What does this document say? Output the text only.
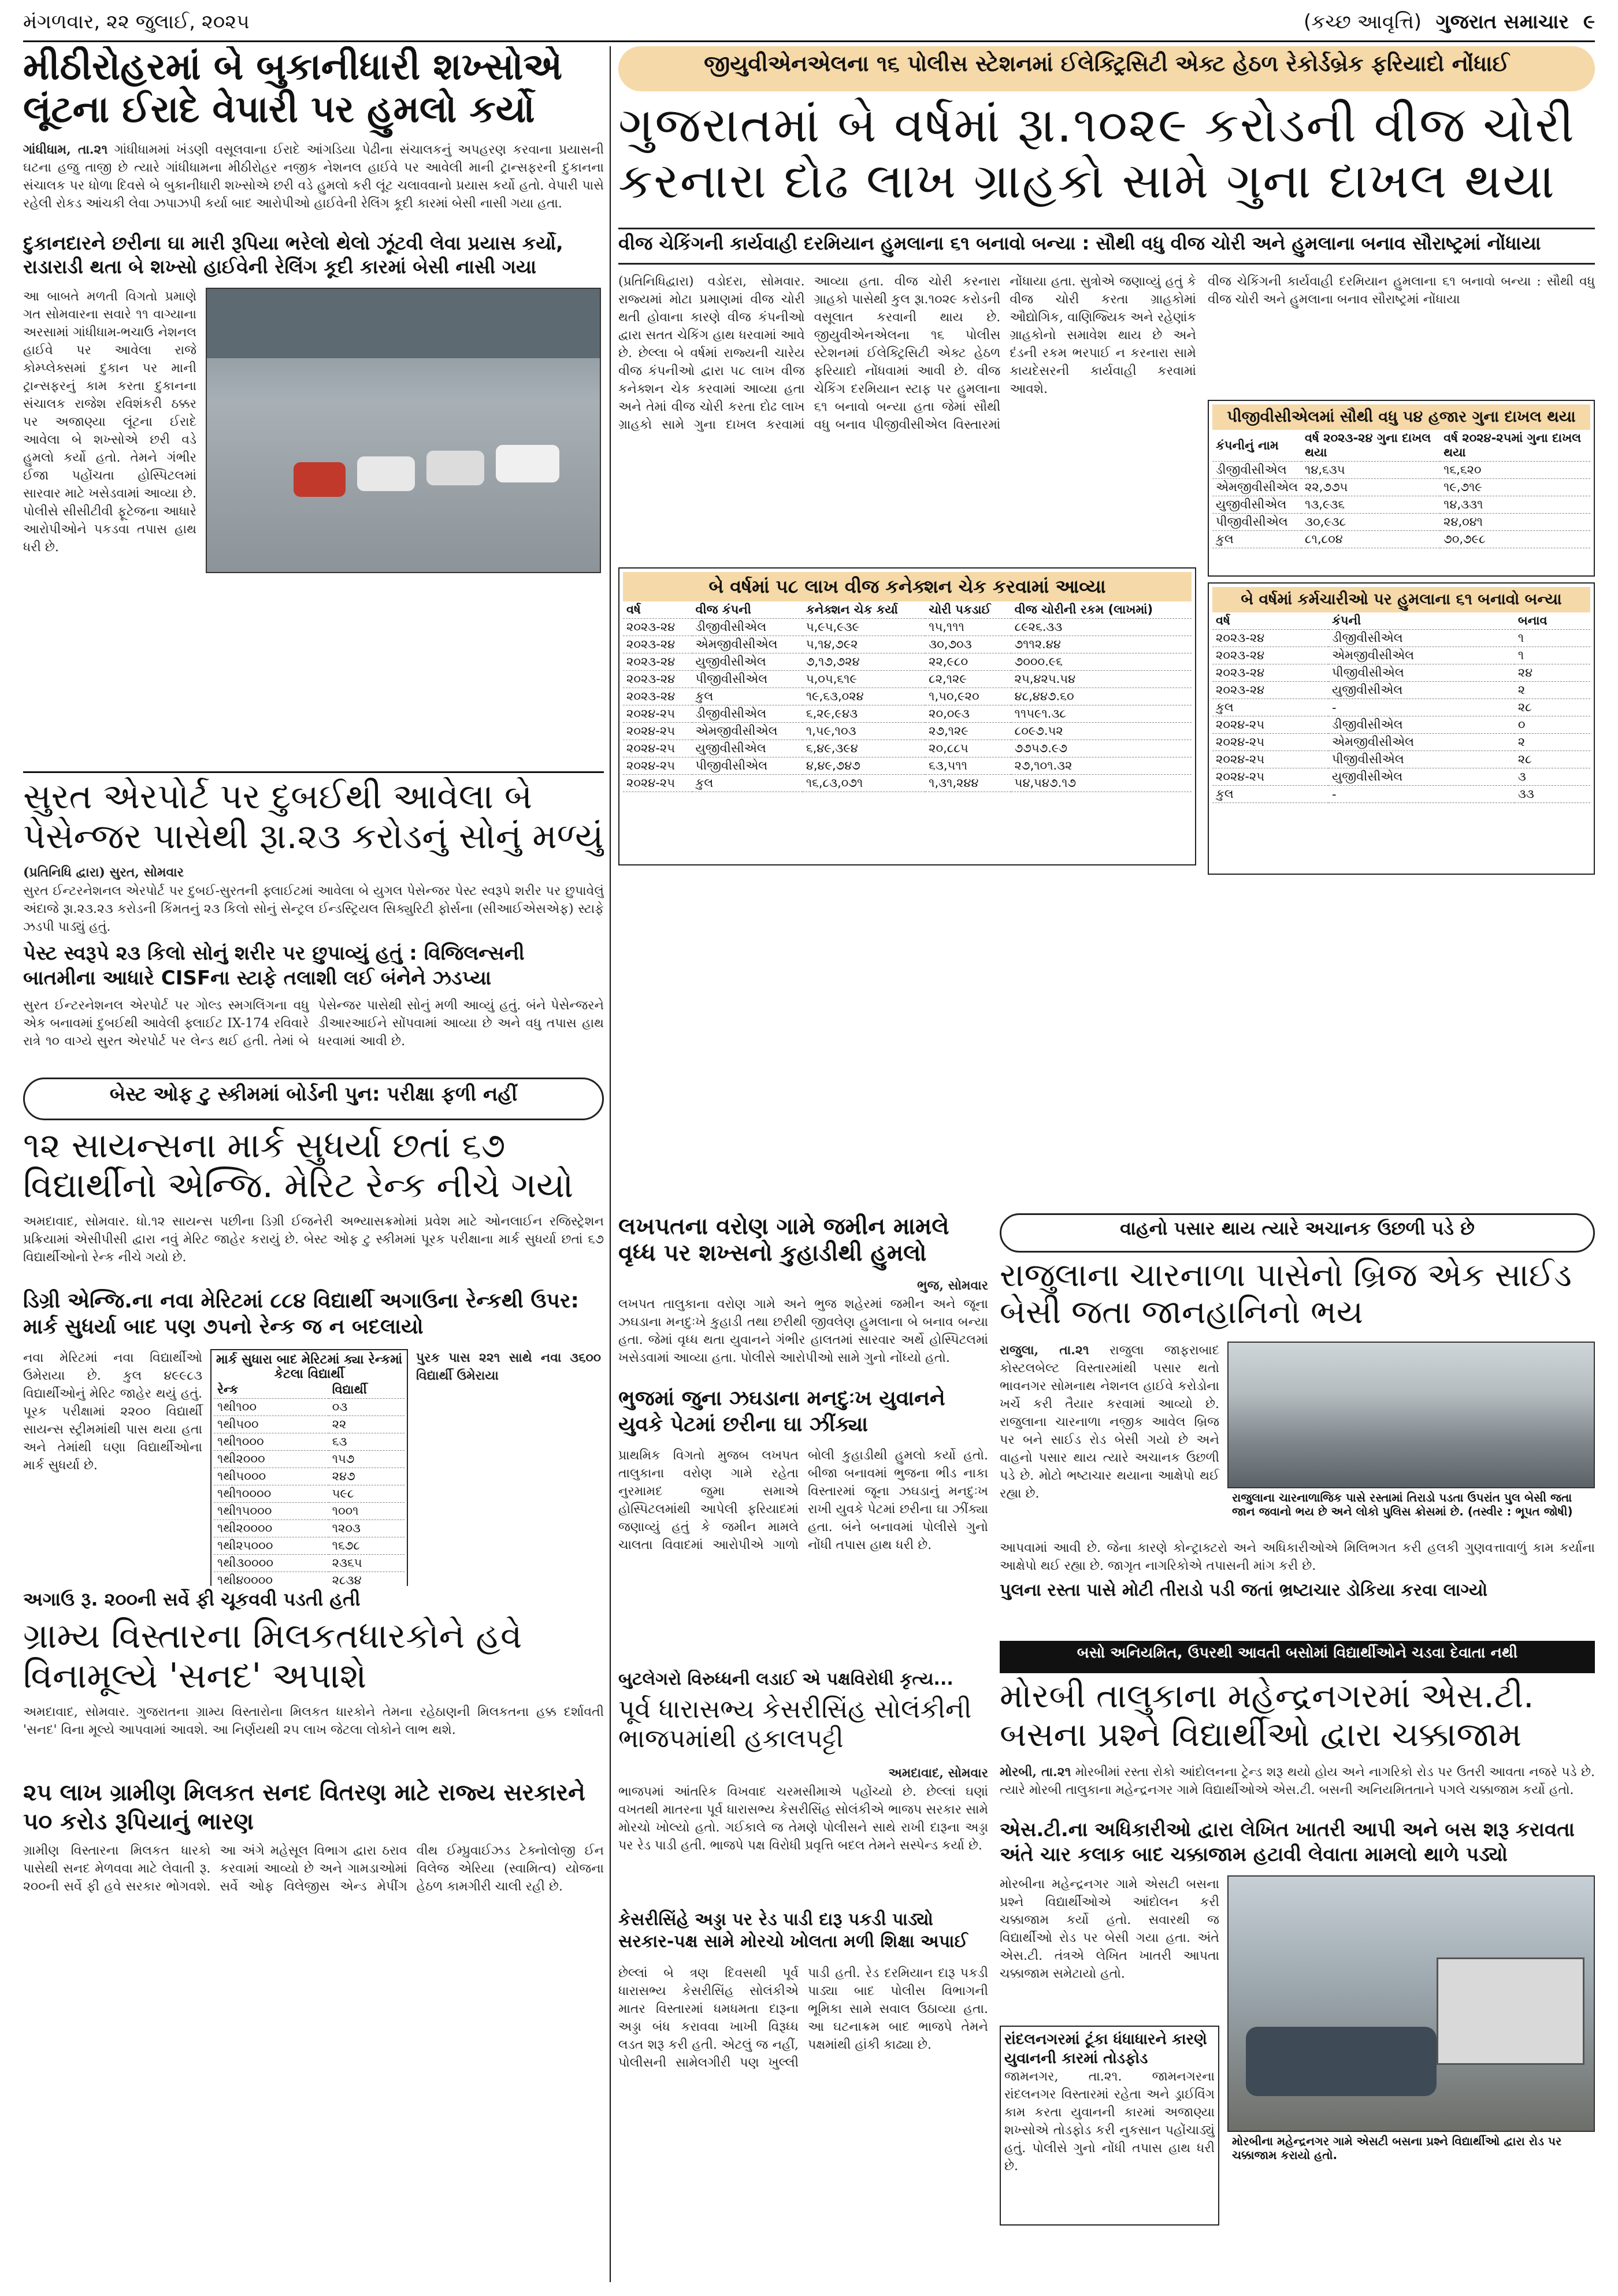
મંગળવાર, ૨૨ જુલાઈ, ૨૦૨૫	(કચ્છ આવૃત્તિ) ગુજરાત સમાચાર ૯
મીઠીરોહરમાં બે બુકાનીધારી શખ્સોએ લૂંટના ઈરાદે વેપારી પર હુમલો કર્યો
ગાંધીધામ, તા.૨૧ ગાંધીધામમાં ખંડણી વસૂલવાના ઈરાદે આંગડિયા પેઢીના સંચાલકનું અપહરણ કરવાના પ્રયાસની ઘટના હજુ તાજી છે ત્યારે ગાંધીધામના મીઠીરોહર નજીક નેશનલ હાઈવે પર આવેલી માની ટ્રાન્સફરની દુકાનના સંચાલક પર ધોળા દિવસે બે બુકાનીધારી શખ્સોએ છરી વડે હુમલો કરી લૂંટ ચલાવવાનો પ્રયાસ કર્યો હતો. વેપારી પાસે રહેલી રોકડ આંચકી લેવા ઝપાઝપી કર્યા બાદ આરોપીઓ હાઈવેની રેલિંગ કૂદી કારમાં બેસી નાસી ગયા હતા.
દુકાનદારને છરીના ઘા મારી રૂપિયા ભરેલો થેલો ઝૂંટવી લેવા પ્રયાસ કર્યો, રાડારાડી થતા બે શખ્સો હાઈવેની રેલિંગ કૂદી કારમાં બેસી નાસી ગયા
આ બાબતે મળતી વિગતો પ્રમાણે ગત સોમવારના સવારે ૧૧ વાગ્યાના અરસામાં ગાંધીધામ-ભચાઉ નેશનલ હાઈવે પર આવેલા રાજે કોમ્પ્લેક્સમાં દુકાન પર માની ટ્રાન્સફરનું કામ કરતા દુકાનના સંચાલક રાજેશ રવિશંકરી ઠક્કર પર અજાણ્યા લૂંટના ઈરાદે આવેલા બે શખ્સોએ છરી વડે હુમલો કર્યો હતો. તેમને ગંભીર ઈજા પહોંચતા હોસ્પિટલમાં સારવાર માટે ખસેડવામાં આવ્યા છે. પોલીસે સીસીટીવી ફૂટેજના આધારે આરોપીઓને પકડવા તપાસ હાથ ધરી છે.
સુરત એરપોર્ટ પર દુબઈથી આવેલા બે પેસેન્જર પાસેથી રૂા.૨૩ કરોડનું સોનું મળ્યું
(પ્રતિનિધિ દ્વારા) સુરત, સોમવાર
સુરત ઈન્ટરનેશનલ એરપોર્ટ પર દુબઈ-સુરતની ફ્લાઈટમાં આવેલા બે યુગલ પેસેન્જર પેસ્ટ સ્વરૂપે શરીર પર છુપાવેલું અંદાજે રૂા.૨૩.૨૩ કરોડની કિંમતનું ૨૩ કિલો સોનું સેન્ટ્રલ ઈન્ડસ્ટ્રિયલ સિક્યુરિટી ફોર્સના (સીઆઈએસએફ) સ્ટાફે ઝડપી પાડ્યું હતું.
પેસ્ટ સ્વરૂપે ૨૩ કિલો સોનું શરીર પર છુપાવ્યું હતું : વિજિલન્સની બાતમીના આધારે CISFના સ્ટાફે તલાશી લઈ બંનેને ઝડપ્યા
સુરત ઈન્ટરનેશનલ એરપોર્ટ પર ગોલ્ડ સ્મગલિંગના વધુ એક બનાવમાં દુબઈથી આવેલી ફ્લાઈટ IX-174 રવિવારે રાત્રે ૧૦ વાગ્યે સુરત એરપોર્ટ પર લેન્ડ થઈ હતી. તેમાં બે પેસેન્જર પાસેથી સોનું મળી આવ્યું હતું. બંને પેસેન્જરને ડીઆરઆઈને સોંપવામાં આવ્યા છે અને વધુ તપાસ હાથ ધરવામાં આવી છે.
બેસ્ટ ઓફ ટુ સ્કીમમાં બોર્ડની પુન: પરીક્ષા ફળી નહીં
૧૨ સાયન્સના માર્ક સુધર્યા છતાં ૬૭ વિદ્યાર્થીનો એન્જિ. મેરિટ રેન્ક નીચે ગયો
અમદાવાદ, સોમવાર. ધો.૧૨ સાયન્સ પછીના ડિગ્રી ઈજનેરી અભ્યાસક્રમોમાં પ્રવેશ માટે ઓનલાઈન રજિસ્ટ્રેશન પ્રક્રિયામાં એસીપીસી દ્વારા નવું મેરિટ જાહેર કરાયું છે. બેસ્ટ ઓફ ટુ સ્કીમમાં પૂરક પરીક્ષાના માર્ક સુધર્યા છતાં ૬૭ વિદ્યાર્થીઓનો રેન્ક નીચે ગયો છે.
ડિગ્રી એન્જિ.ના નવા મેરિટમાં ૮૮૪ વિદ્યાર્થી અગાઉના રેન્કથી ઉપર: માર્ક સુધર્યા બાદ પણ ૭૫નો રેન્ક જ ન બદલાયો
નવા મેરિટમાં નવા વિદ્યાર્થીઓ ઉમેરાયા છે. કુલ ૪૯૯૮૩ વિદ્યાર્થીઓનું મેરિટ જાહેર થયું હતું. પૂરક પરીક્ષામાં ૨૨૦૦ વિદ્યાર્થી સાયન્સ સ્ટ્રીમમાંથી પાસ થયા હતા અને તેમાંથી ઘણા વિદ્યાર્થીઓના માર્ક સુધર્યા છે.
માર્ક સુધારા બાદ મેરિટમાં ક્યા રેન્કમાં કેટલા વિદ્યાર્થી
રેન્ક	વિદ્યાર્થી
૧થી૧૦૦	૦૩
૧થી૫૦૦	૨૨
૧થી૧૦૦૦	૬૩
૧થી૨૦૦૦	૧૫૭
૧થી૫૦૦૦	૨૪૭
૧થી૧૦૦૦૦	૫૯૮
૧થી૧૫૦૦૦	૧૦૦૧
૧થી૨૦૦૦૦	૧૨૦૩
૧થી૨૫૦૦૦	૧૬૭૮
૧થી૩૦૦૦૦	૨૩૬૫
૧થી૪૦૦૦૦	૨૮૩૪
પુરક પાસ ૨૨૧ સાથે નવા ૩૬૦૦ વિદ્યાર્થી ઉમેરાયા
અગાઉ રૂ. ૨૦૦ની સર્વે ફી ચૂકવવી પડતી હતી
ગ્રામ્ય વિસ્તારના મિલકતધારકોને હવે વિનામૂલ્યે 'સનદ' અપાશે
અમદાવાદ, સોમવાર. ગુજરાતના ગ્રામ્ય વિસ્તારોના મિલકત ધારકોને તેમના રહેઠાણની મિલકતના હક્ક દર્શાવતી 'સનદ' વિના મૂલ્યે આપવામાં આવશે. આ નિર્ણયથી ૨૫ લાખ જેટલા લોકોને લાભ થશે.
૨૫ લાખ ગ્રામીણ મિલકત સનદ વિતરણ માટે રાજ્ય સરકારને ૫૦ કરોડ રૂપિયાનું ભારણ
ગ્રામીણ વિસ્તારના મિલકત ધારકો પાસેથી સનદ મેળવવા માટે લેવાતી રૂ. ૨૦૦ની સર્વે ફી હવે સરકાર ભોગવશે. આ અંગે મહેસૂલ વિભાગ દ્વારા ઠરાવ કરવામાં આવ્યો છે અને ગામડાઓમાં સર્વે ઓફ વિલેજીસ એન્ડ મેપીંગ વીથ ઈમ્પ્રુવાઈઝડ ટેક્નોલોજી ઈન વિલેજ એરિયા (સ્વામિત્વ) યોજના હેઠળ કામગીરી ચાલી રહી છે.
જીયુવીએનએલના ૧૬ પોલીસ સ્ટેશનમાં ઈલેક્ટ્રિસિટી એક્ટ હેઠળ રેકોર્ડબ્રેક ફરિયાદો નોંધાઈ
ગુજરાતમાં બે વર્ષમાં રૂા.૧૦૨૯ કરોડની વીજ ચોરી કરનારા દોઢ લાખ ગ્રાહકો સામે ગુના દાખલ થયા
વીજ ચેકિંગની કાર્યવાહી દરમિયાન હુમલાના ૬૧ બનાવો બન્યા : સૌથી વધુ વીજ ચોરી અને હુમલાના બનાવ સૌરાષ્ટ્રમાં નોંધાયા
(પ્રતિનિધિદ્વારા) વડોદરા, સોમવાર. રાજ્યમાં મોટા પ્રમાણમાં વીજ ચોરી થતી હોવાના કારણે વીજ કંપનીઓ દ્વારા સતત ચેકિંગ હાથ ધરવામાં આવે છે. છેલ્લા બે વર્ષમાં રાજ્યની ચારેય વીજ કંપનીઓ દ્વારા ૫૮ લાખ વીજ કનેક્શન ચેક કરવામાં આવ્યા હતા અને તેમાં વીજ ચોરી કરતા દોઢ લાખ ગ્રાહકો સામે ગુના દાખલ કરવામાં આવ્યા હતા. વીજ ચોરી કરનારા ગ્રાહકો પાસેથી કુલ રૂા.૧૦૨૯ કરોડની વસૂલાત કરવાની થાય છે. જીયુવીએનએલના ૧૬ પોલીસ સ્ટેશનમાં ઈલેક્ટ્રિસિટી એક્ટ હેઠળ ફરિયાદો નોંધવામાં આવી છે. વીજ ચેકિંગ દરમિયાન સ્ટાફ પર હુમલાના ૬૧ બનાવો બન્યા હતા જેમાં સૌથી વધુ બનાવ પીજીવીસીએલ વિસ્તારમાં નોંધાયા હતા. સુત્રોએ જણાવ્યું હતું કે વીજ ચોરી કરતા ગ્રાહકોમાં ઔદ્યોગિક, વાણિજ્યિક અને રહેણાંક ગ્રાહકોનો સમાવેશ થાય છે અને દંડની રકમ ભરપાઈ ન કરનારા સામે કાયદેસરની કાર્યવાહી કરવામાં આવશે.
બે વર્ષમાં ૫૮ લાખ વીજ કનેક્શન ચેક કરવામાં આવ્યા
વર્ષ	વીજ કંપની	કનેક્શન ચેક કર્યા	ચોરી પકડાઈ	વીજ ચોરીની રકમ (લાખમાં)
૨૦૨૩-૨૪	ડીજીવીસીએલ	૫,૯૫,૯૩૯	૧૫,૧૧૧	૮૯૨૬.૩૩
૨૦૨૩-૨૪	એમજીવીસીએલ	૫,૧૪,૭૯૨	૩૦,૭૦૩	૭૧૧૨.૪૪
૨૦૨૩-૨૪	યુજીવીસીએલ	૭,૧૭,૭૨૪	૨૨,૯૮૦	૭૦૦૦.૯૬
૨૦૨૩-૨૪	પીજીવીસીએલ	૫,૦૫,૬૧૯	૮૨,૧૨૯	૨૫,૪૨૫.૫૪
૨૦૨૩-૨૪	કુલ	૧૯,૬૩,૦૨૪	૧,૫૦,૯૨૦	૪૮,૪૪૭.૬૦
૨૦૨૪-૨૫	ડીજીવીસીએલ	૬,૨૯,૯૪૩	૨૦,૦૯૩	૧૧૫૯૧.૩૮
૨૦૨૪-૨૫	એમજીવીસીએલ	૧,૫૯,૧૦૩	૨૭,૧૨૯	૮૦૯૭.૫૨
૨૦૨૪-૨૫	યુજીવીસીએલ	૬,૪૯,૩૯૪	૨૦,૮૮૫	૭૭૫૭.૯૭
૨૦૨૪-૨૫	પીજીવીસીએલ	૪,૪૯,૭૪૭	૬૩,૫૧૧	૨૭,૧૦૧.૩૨
૨૦૨૪-૨૫	કુલ	૧૬,૮૩,૦૭૧	૧,૩૧,૨૪૪	૫૪,૫૪૭.૧૭
વીજ ચેકિંગની કાર્યવાહી દરમિયાન હુમલાના ૬૧ બનાવો બન્યા : સૌથી વધુ વીજ ચોરી અને હુમલાના બનાવ સૌરાષ્ટ્રમાં નોંધાયા
પીજીવીસીએલમાં સૌથી વધુ ૫૪ હજાર ગુના દાખલ થયા
કંપનીનું નામ	વર્ષ ૨૦૨૩-૨૪ ગુના દાખલ થયા	વર્ષ ૨૦૨૪-૨૫માં ગુના દાખલ થયા
ડીજીવીસીએલ	૧૪,૬૩૫	૧૬,૬૨૦
એમજીવીસીએલ	૨૨,૭૭૫	૧૯,૭૧૯
યુજીવીસીએલ	૧૩,૯૩૬	૧૪,૩૩૧
પીજીવીસીએલ	૩૦,૯૩૮	૨૪,૦૪૧
કુલ	૮૧,૮૦૪	૭૦,૭૯૮
બે વર્ષમાં કર્મચારીઓ પર હુમલાના ૬૧ બનાવો બન્યા
વર્ષ	કંપની	બનાવ
૨૦૨૩-૨૪	ડીજીવીસીએલ	૧
૨૦૨૩-૨૪	એમજીવીસીએલ	૧
૨૦૨૩-૨૪	પીજીવીસીએલ	૨૪
૨૦૨૩-૨૪	યુજીવીસીએલ	૨
કુલ	-	૨૮
૨૦૨૪-૨૫	ડીજીવીસીએલ	૦
૨૦૨૪-૨૫	એમજીવીસીએલ	૨
૨૦૨૪-૨૫	પીજીવીસીએલ	૨૮
૨૦૨૪-૨૫	યુજીવીસીએલ	૩
કુલ	-	૩૩
લખપતના વરોણ ગામે જમીન મામલે વૃધ્ધ પર શખ્સનો કુહાડીથી હુમલો
ભુજ, સોમવાર
લખપત તાલુકાના વરોણ ગામે અને ભુજ શહેરમાં જમીન અને જૂના ઝઘડાના મનદુઃખે કુહાડી તથા છરીથી જીવલેણ હુમલાના બે બનાવ બન્યા હતા. જેમાં વૃધ્ધ થતા યુવાનને ગંભીર હાલતમાં સારવાર અર્થે હોસ્પિટલમાં ખસેડવામાં આવ્યા હતા. પોલીસે આરોપીઓ સામે ગુનો નોંધ્યો હતો.
ભુજમાં જુના ઝઘડાના મનદુઃખ યુવાનને યુવકે પેટમાં છરીના ઘા ઝીંક્યા
પ્રાથમિક વિગતો મુજબ લખપત તાલુકાના વરોણ ગામે રહેતા નુરમામદ જુમા સમાએ હોસ્પિટલમાંથી આપેલી ફરિયાદમાં જણાવ્યું હતું કે જમીન મામલે ચાલતા વિવાદમાં આરોપીએ ગાળો બોલી કુહાડીથી હુમલો કર્યો હતો. બીજા બનાવમાં ભુજના ભીડ નાકા વિસ્તારમાં જૂના ઝઘડાનું મનદુઃખ રાખી યુવકે પેટમાં છરીના ઘા ઝીંક્યા હતા. બંને બનાવમાં પોલીસે ગુનો નોંધી તપાસ હાથ ધરી છે.
બુટલેગરો વિરુધ્ધની લડાઈ એ પક્ષવિરોધી કૃત્ય...
પૂર્વ ધારાસભ્ય કેસરીસિંહ સોલંકીની ભાજપમાંથી હકાલપટ્ટી
અમદાવાદ, સોમવાર
ભાજપમાં આંતરિક વિખવાદ ચરમસીમાએ પહોંચ્યો છે. છેલ્લાં ઘણાં વખતથી માતરના પૂર્વ ધારાસભ્ય કેસરીસિંહ સોલંકીએ ભાજપ સરકાર સામે મોરચો ખોલ્યો હતો. ગઈકાલે જ તેમણે પોલીસને સાથે રાખી દારૂના અડ્ડા પર રેડ પાડી હતી. ભાજપે પક્ષ વિરોધી પ્રવૃત્તિ બદલ તેમને સસ્પેન્ડ કર્યા છે.
કેસરીસિંહે અડ્ડા પર રેડ પાડી દારૂ પકડી પાડ્યો સરકાર-પક્ષ સામે મોરચો ખોલતા મળી શિક્ષા અપાઈ
છેલ્લાં બે ત્રણ દિવસથી પૂર્વ ધારાસભ્ય કેસરીસિંહ સોલંકીએ માતર વિસ્તારમાં ધમધમતા દારૂના અડ્ડા બંધ કરાવવા ખાખી વિરૂધ્ધ લડત શરૂ કરી હતી. એટલું જ નહીં, પોલીસની સામેલગીરી પણ ખુલ્લી પાડી હતી. રેડ દરમિયાન દારૂ પકડી પાડ્યા બાદ પોલીસ વિભાગની ભૂમિકા સામે સવાલ ઉઠાવ્યા હતા. આ ઘટનાક્રમ બાદ ભાજપે તેમને પક્ષમાંથી હાંકી કાઢ્યા છે.
વાહનો પસાર થાય ત્યારે અચાનક ઉછળી પડે છે
રાજુલાના ચારનાળા પાસેનો બ્રિજ એક સાઈડ બેસી જતા જાનહાનિનો ભય
રાજુલા, તા.૨૧ રાજુલા જાફરાબાદ કોસ્ટલબેલ્ટ વિસ્તારમાંથી પસાર થતો ભાવનગર સોમનાથ નેશનલ હાઈવે કરોડોના ખર્ચે કરી તૈયાર કરવામાં આવ્યો છે. રાજુલાના ચારનાળા નજીક આવેલ બ્રિજ પર બને સાઈડ રોડ બેસી ગયો છે અને વાહનો પસાર થાય ત્યારે અચાનક ઉછળી પડે છે. મોટો ભષ્ટાચાર થયાના આક્ષેપો થઈ રહ્યા છે.	રાજુલાના ચારનાળાજિક પાસે રસ્તામાં તિરાડો પડતા ઉપરાંત પુલ બેસી જતા જાન જવાનો ભય છે અને લોકો પુલિસ ક્રોસમાં છે. (તસ્વીર : ભૂપત જોષી)
આપવામાં આવી છે. જેના કારણે કોન્ટ્રાક્ટરો અને અધિકારીઓએ મિલિભગત કરી હલકી ગુણવત્તાવાળું કામ કર્યાના આક્ષેપો થઈ રહ્યા છે. જાગૃત નાગરિકોએ તપાસની માંગ કરી છે.
પુલના રસ્તા પાસે મોટી તીરાડો પડી જતાં ભ્રષ્ટાચાર ડોકિયા કરવા લાગ્યો
બસો અનિયમિત, ઉપરથી આવતી બસોમાં વિદ્યાર્થીઓને ચડવા દેવાતા નથી
મોરબી તાલુકાના મહેન્દ્રનગરમાં એસ.ટી. બસના પ્રશ્ને વિદ્યાર્થીઓ દ્વારા ચક્કાજામ
મોરબી, તા.૨૧ મોરબીમાં રસ્તા રોકો આંદોલનના ટ્રેન્ડ શરૂ થયો હોય અને નાગરિકો રોડ પર ઉતરી આવતા નજરે પડે છે. ત્યારે મોરબી તાલુકાના મહેન્દ્રનગર ગામે વિદ્યાર્થીઓએ એસ.ટી. બસની અનિયમિતતાને પગલે ચક્કાજામ કર્યો હતો.
એસ.ટી.ના અધિકારીઓ દ્વારા લેખિત ખાતરી આપી અને બસ શરૂ કરાવતા અંતે ચાર કલાક બાદ ચક્કાજામ હટાવી લેવાતા મામલો થાળે પડ્યો
મોરબીના મહેન્દ્રનગર ગામે એસટી બસના પ્રશ્ને વિદ્યાર્થીઓએ આંદોલન કરી ચક્કાજામ કર્યો હતો. સવારથી જ વિદ્યાર્થીઓ રોડ પર બેસી ગયા હતા. અંતે એસ.ટી. તંત્રએ લેખિત ખાતરી આપતા ચક્કાજામ સમેટાયો હતો.
રાંદલનગરમાં ટૂંકા ધંધાધારને કારણે યુવાનની કારમાં તોડફોડ
જામનગર, તા.૨૧. જામનગરના રાંદલનગર વિસ્તારમાં રહેતા અને ડ્રાઈવિંગ કામ કરતા યુવાનની કારમાં અજાણ્યા શખ્સોએ તોડફોડ કરી નુકસાન પહોંચાડ્યું હતું. પોલીસે ગુનો નોંધી તપાસ હાથ ધરી છે.
મોરબીના મહેન્દ્રનગર ગામે એસટી બસના પ્રશ્ને વિદ્યાર્થીઓ દ્વારા રોડ પર ચક્કાજામ કરાયો હતો.
